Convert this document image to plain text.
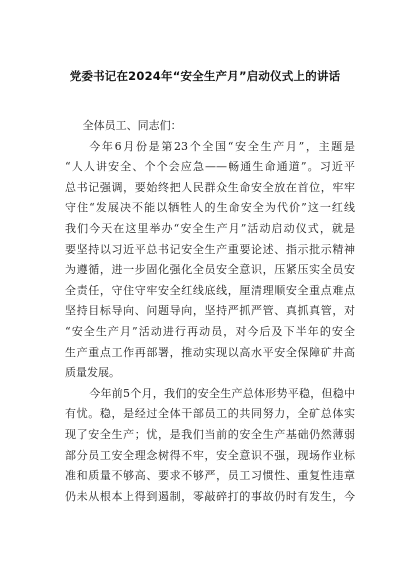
党委书记在2024年“安全生产月”启动仪式上的讲话
全体员工、同志们：
今年6月份是第23个全国“安全生产月”，主题是
“人人讲安全、个个会应急——畅通生命通道”。习近平
总书记强调，要始终把人民群众生命安全放在首位，牢牢
守住“发展决不能以牺牲人的生命安全为代价”这一红线
我们今天在这里举办“安全生产月”活动启动仪式，就是
要坚持以习近平总书记安全生产重要论述、指示批示精神
为遵循，进一步固化强化全员安全意识，压紧压实全员安
全责任，守住守牢安全红线底线，厘清理顺安全重点难点
坚持目标导向、问题导向，坚持严抓严管、真抓真管，对
“安全生产月”活动进行再动员，对今后及下半年的安全
生产重点工作再部署，推动实现以高水平安全保障矿井高
质量发展。
今年前5个月，我们的安全生产总体形势平稳，但稳中
有忧。稳，是经过全体干部员工的共同努力，全矿总体实
现了安全生产；忧，是我们当前的安全生产基础仍然薄弱
部分员工安全理念树得不牢，安全意识不强，现场作业标
准和质量不够高、要求不够严，员工习惯性、重复性违章
仍未从根本上得到遏制，零敲碎打的事故仍时有发生，今
